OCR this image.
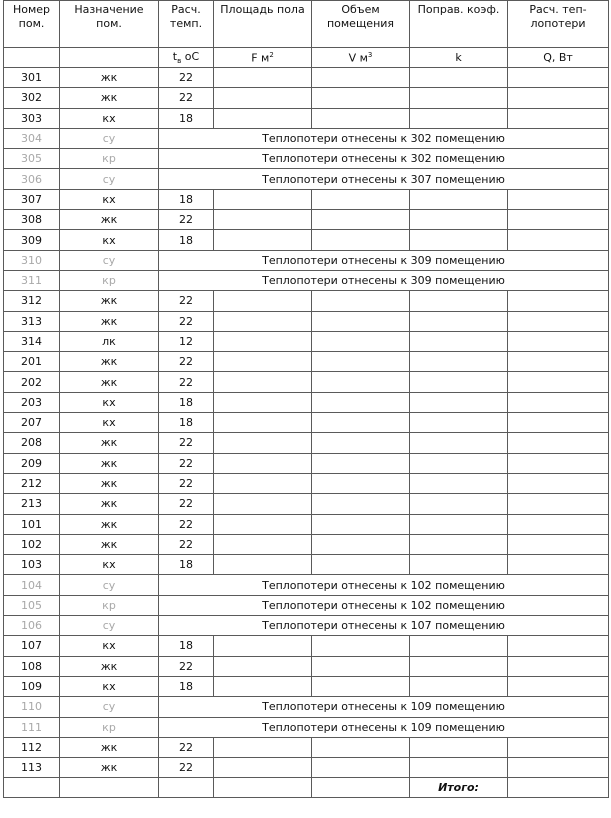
Номер пом.	Назначение пом.	Расч. темп.	Площадь пола	Объем помещения	Поправ. коэф.	Расч. теп-лопотери
		$t_в$ oC	F $м^2$	V $м^3$	k	Q, Вт
301	жк	22				
302	жк	22				
303	кх	18				
304	су	Теплопотери отнесены к 302 помещению				
305	кр	Теплопотери отнесены к 302 помещению				
306	су	Теплопотери отнесены к 307 помещению				
307	кх	18				
308	жк	22				
309	кх	18				
310	су	Теплопотери отнесены к 309 помещению				
311	кр	Теплопотери отнесены к 309 помещению				
312	жк	22				
313	жк	22				
314	лк	12				
201	жк	22				
202	жк	22				
203	кх	18				
207	кх	18				
208	жк	22				
209	жк	22				
212	жк	22				
213	жк	22				
101	жк	22				
102	жк	22				
103	кх	18				
104	су	Теплопотери отнесены к 102 помещению				
105	кр	Теплопотери отнесены к 102 помещению				
106	су	Теплопотери отнесены к 107 помещению				
107	кх	18				
108	жк	22				
109	кх	18				
110	су	Теплопотери отнесены к 109 помещению				
111	кр	Теплопотери отнесены к 109 помещению				
112	жк	22				
113	жк	22				
					Итого:	
